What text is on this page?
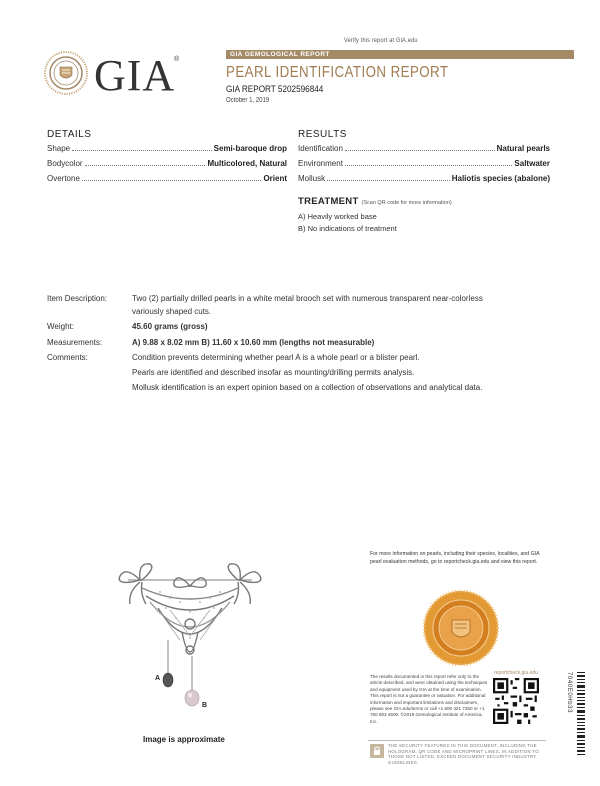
Verify this report at GIA.edu
GIA
®
GIA GEMOLOGICAL REPORT
PEARL IDENTIFICATION REPORT
GIA REPORT 5202596844
October 1, 2019
DETAILS
Shape	Semi-baroque drop
Bodycolor	Multicolored, Natural
Overtone	Orient
RESULTS
Identification	Natural pearls
Environment	Saltwater
Mollusk	Haliotis species (abalone)
TREATMENT (Scan QR code for more information)
A) Heavily worked base
B) No indications of treatment
Item Description:	Two (2) partially drilled pearls in a white metal brooch set with numerous transparent near-colorless
variously shaped cuts.
Weight:	45.60 grams (gross)
Measurements:	A) 9.88 x 8.02 mm B) 11.60 x 10.60 mm (lengths not measurable)
Comments:	Condition prevents determining whether pearl A is a whole pearl or a blister pearl.
Pearls are identified and described insofar as mounting/drilling permits analysis.
Mollusk identification is an expert opinion based on a collection of observations and analytical data.
A
B
Image is approximate
For more information on pearls, including their species, localities, and GIA pearl evaluation methods, go to reportcheck.gia.edu and view this report.
reportcheck.gia.edu
The results documented in this report refer only to the article described, and were obtained using the techniques and equipment used by GIA at the time of examination. This report is not a guarantee or valuation. For additional information and important limitations and disclaimers, please see GIA.edu/terms or call +1 800 421 7250 or +1 760 603 4500. ©2019 Gemological Institute of America, Inc.
THE SECURITY FEATURES IN THIS DOCUMENT, INCLUDING THE HOLOGRAM, QR CODE AND MICROPRINT LINES, IN ADDITION TO THOSE NOT LISTED, EXCEED DOCUMENT SECURITY INDUSTRY GUIDELINES.
7040E0Hb33
